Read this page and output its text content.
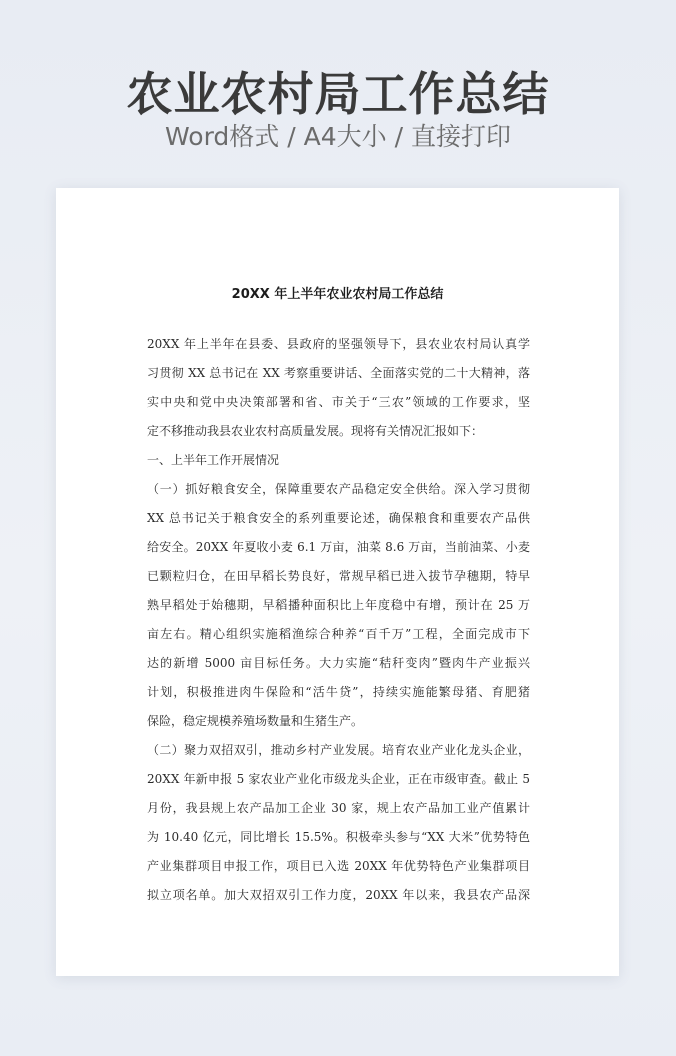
农业农村局工作总结
Word格式 / A4大小 / 直接打印
20XX 年上半年农业农村局工作总结
20XX 年上半年在县委、县政府的坚强领导下，县农业农村局认真学
习贯彻 XX 总书记在 XX 考察重要讲话、全面落实党的二十大精神，落
实中央和党中央决策部署和省、市关于“三农”领域的工作要求，坚
定不移推动我县农业农村高质量发展。现将有关情况汇报如下：
一、上半年工作开展情况
（一）抓好粮食安全，保障重要农产品稳定安全供给。深入学习贯彻
XX 总书记关于粮食安全的系列重要论述，确保粮食和重要农产品供
给安全。20XX 年夏收小麦 6.1 万亩，油菜 8.6 万亩，当前油菜、小麦
已颗粒归仓，在田早稻长势良好，常规早稻已进入拔节孕穗期，特早
熟早稻处于始穗期，早稻播种面积比上年度稳中有增，预计在 25 万
亩左右。精心组织实施稻渔综合种养“百千万”工程，全面完成市下
达的新增 5000 亩目标任务。大力实施“秸秆变肉”暨肉牛产业振兴
计划，积极推进肉牛保险和“活牛贷”，持续实施能繁母猪、育肥猪
保险，稳定规模养殖场数量和生猪生产。
（二）聚力双招双引，推动乡村产业发展。培育农业产业化龙头企业，
20XX 年新申报 5 家农业产业化市级龙头企业，正在市级审查。截止 5
月份，我县规上农产品加工企业 30 家，规上农产品加工业产值累计
为 10.40 亿元，同比增长 15.5%。积极牵头参与“XX 大米”优势特色
产业集群项目申报工作，项目已入选 20XX 年优势特色产业集群项目
拟立项名单。加大双招双引工作力度，20XX 年以来，我县农产品深
